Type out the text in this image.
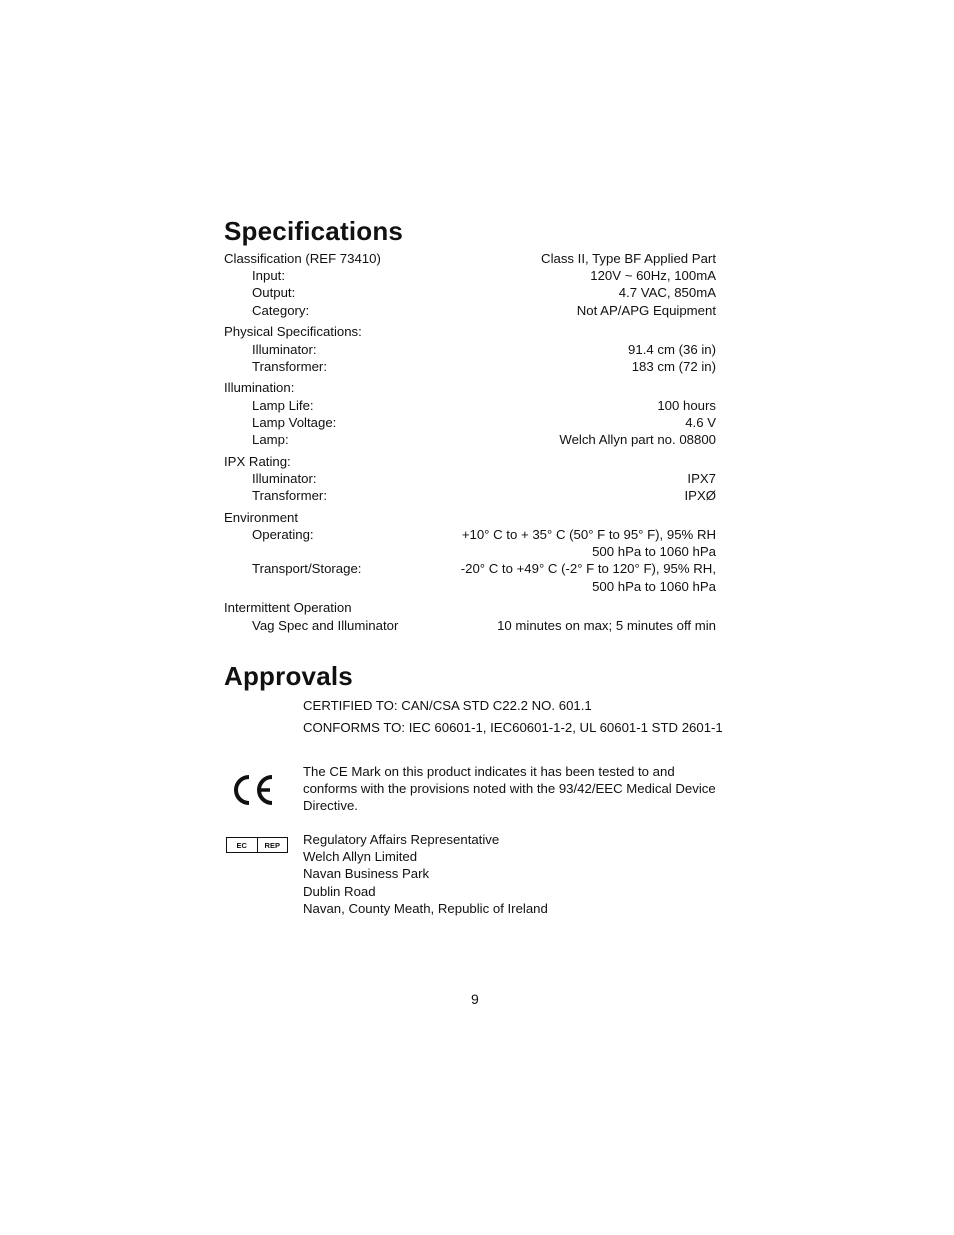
Specifications
Classification (REF 73410)	Class II, Type BF Applied Part
Input:	120V ~ 60Hz, 100mA
Output:	4.7 VAC, 850mA
Category:	Not AP/APG Equipment
Physical Specifications:
Illuminator:	91.4 cm (36 in)
Transformer:	183 cm (72 in)
Illumination:
Lamp Life:	100 hours
Lamp Voltage:	4.6 V
Lamp:	Welch Allyn part no. 08800
IPX Rating:
Illuminator:	IPX7
Transformer:	IPXØ
Environment
Operating:	+10° C to + 35° C (50° F to 95° F), 95% RH
500 hPa to 1060 hPa
Transport/Storage:	-20° C to +49° C (-2° F to 120° F), 95% RH,
500 hPa to 1060 hPa
Intermittent Operation
Vag Spec and Illuminator	10 minutes on max; 5 minutes off min
Approvals
CERTIFIED TO: CAN/CSA STD C22.2 NO. 601.1
CONFORMS TO: IEC 60601-1, IEC60601-1-2, UL 60601-1 STD 2601-1
The CE Mark on this product indicates it has been tested to and conforms with the provisions noted with the 93/42/EEC Medical Device Directive.
EC	REP	Regulatory Affairs Representative
Welch Allyn Limited
Navan Business Park
Dublin Road
Navan, County Meath, Republic of Ireland
9
